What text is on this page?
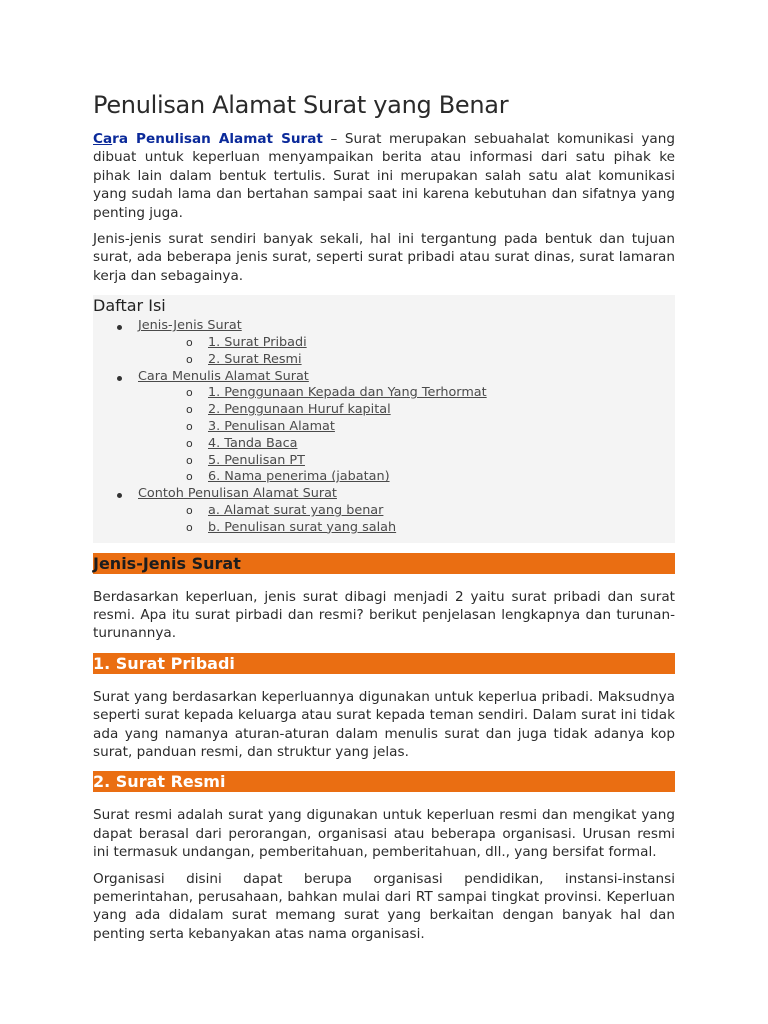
Penulisan Alamat Surat yang Benar

Cara Penulisan Alamat Surat – Surat merupakan sebuahalat komunikasi yang dibuat untuk keperluan menyampaikan berita atau informasi dari satu pihak ke pihak lain dalam bentuk tertulis. Surat ini merupakan salah satu alat komunikasi yang sudah lama dan bertahan sampai saat ini karena kebutuhan dan sifatnya yang penting juga.

Jenis-jenis surat sendiri banyak sekali, hal ini tergantung pada bentuk dan tujuan surat, ada beberapa jenis surat, seperti surat pribadi atau surat dinas, surat lamaran kerja dan sebagainya.

Daftar Isi
Jenis-Jenis Surat
o 1. Surat Pribadi
o 2. Surat Resmi
Cara Menulis Alamat Surat
o 1. Penggunaan Kepada dan Yang Terhormat
o 2. Penggunaan Huruf kapital
o 3. Penulisan Alamat
o 4. Tanda Baca
o 5. Penulisan PT
o 6. Nama penerima (jabatan)
Contoh Penulisan Alamat Surat
o a. Alamat surat yang benar
o b. Penulisan surat yang salah
Jenis-Jenis Surat

Berdasarkan keperluan, jenis surat dibagi menjadi 2 yaitu surat pribadi dan surat resmi. Apa itu surat pirbadi dan resmi? berikut penjelasan lengkapnya dan turunan-turunannya.

1. Surat Pribadi

Surat yang berdasarkan keperluannya digunakan untuk keperlua pribadi. Maksudnya seperti surat kepada keluarga atau surat kepada teman sendiri. Dalam surat ini tidak ada yang namanya aturan-aturan dalam menulis surat dan juga tidak adanya kop surat, panduan resmi, dan struktur yang jelas.

2. Surat Resmi

Surat resmi adalah surat yang digunakan untuk keperluan resmi dan mengikat yang dapat berasal dari perorangan, organisasi atau beberapa organisasi. Urusan resmi ini termasuk undangan, pemberitahuan, pemberitahuan, dll., yang bersifat formal.

Organisasi disini dapat berupa organisasi pendidikan, instansi-instansi pemerintahan, perusahaan, bahkan mulai dari RT sampai tingkat provinsi. Keperluan yang ada didalam surat memang surat yang berkaitan dengan banyak hal dan penting serta kebanyakan atas nama organisasi.
